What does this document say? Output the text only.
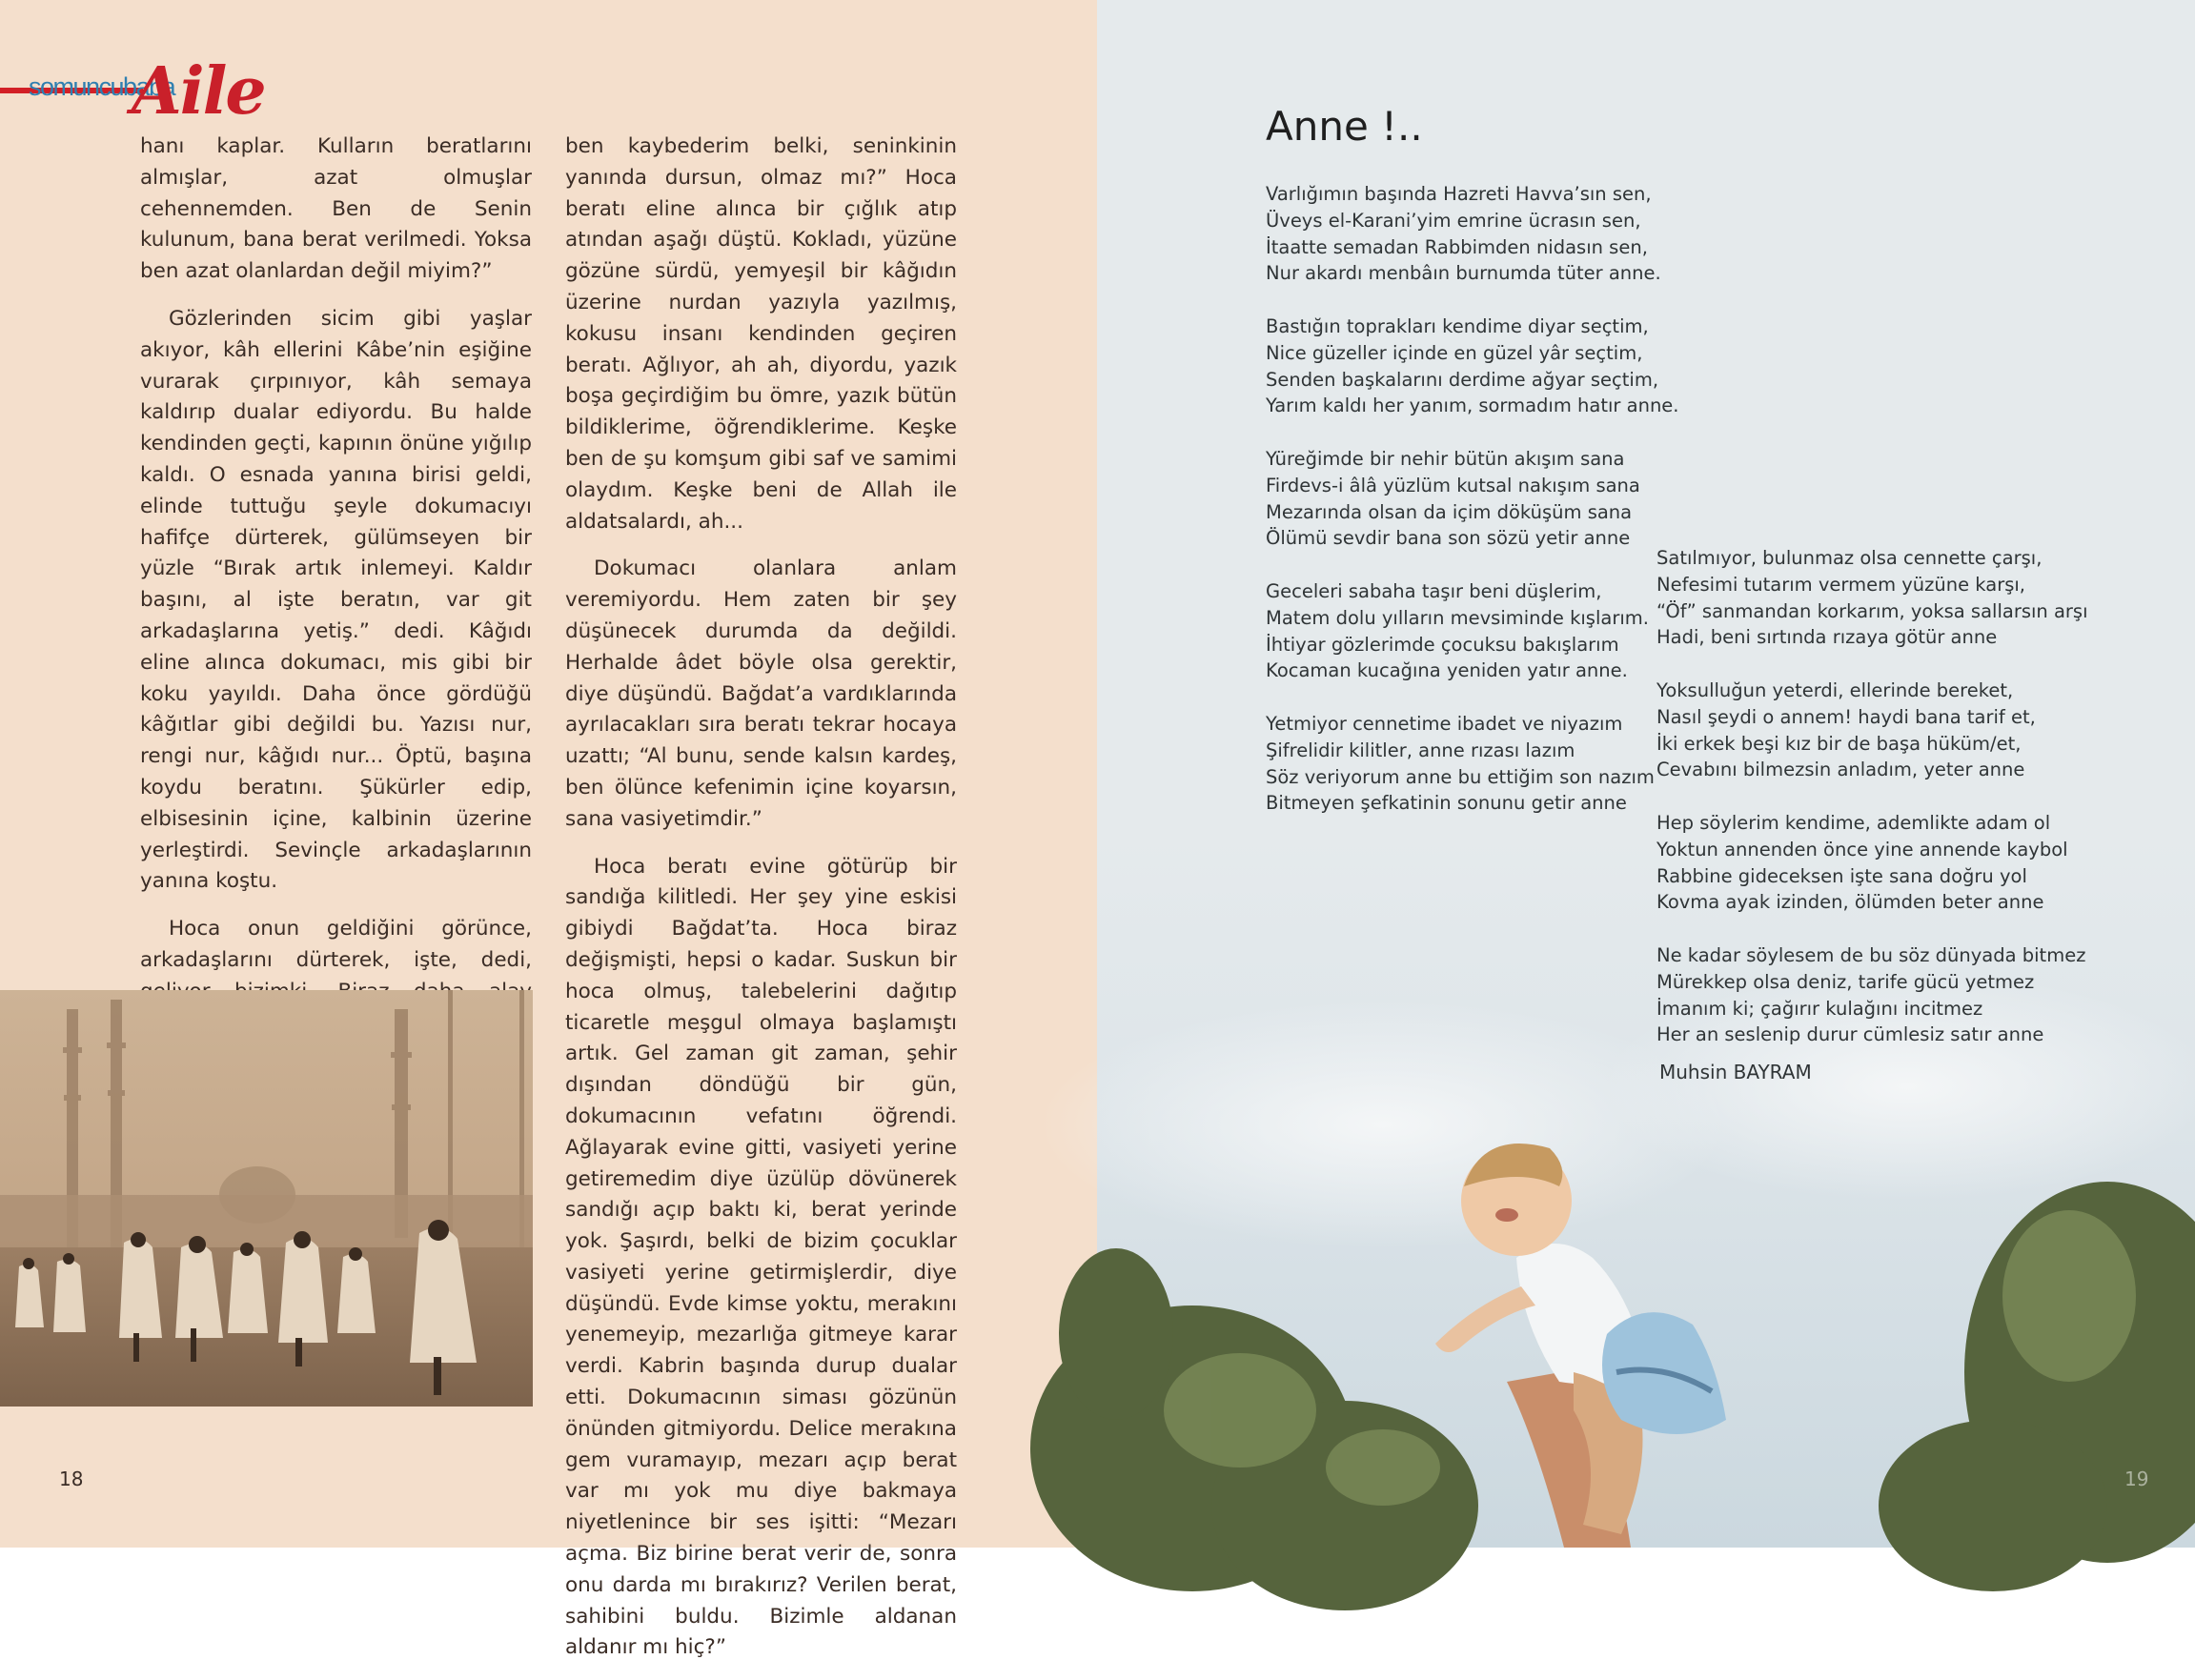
somuncubaba
Aile

hanı kaplar. Kulların beratlarını almışlar, azat olmuşlar cehennemden. Ben de Senin kulunum, bana berat verilmedi. Yoksa ben azat olanlardan değil miyim?”

Gözlerinden sicim gibi yaşlar akıyor, kâh ellerini Kâbe’nin eşiğine vurarak çırpınıyor, kâh semaya kaldırıp dualar ediyordu. Bu halde kendinden geçti, kapının önüne yığılıp kaldı. O esnada yanına birisi geldi, elinde tuttuğu şeyle dokumacıyı hafifçe dürterek, gülümseyen bir yüzle “Bırak artık inlemeyi. Kaldır başını, al işte beratın, var git arkadaşlarına yetiş.” dedi. Kâğıdı eline alınca dokumacı, mis gibi bir koku yayıldı. Daha önce gördüğü kâğıtlar gibi değildi bu. Yazısı nur, rengi nur, kâğıdı nur... Öptü, başına koydu beratını. Şükürler edip, elbisesinin içine, kalbinin üzerine yerleştirdi. Sevinçle arkadaşlarının yanına koştu.

Hoca onun geldiğini görünce, arkadaşlarını dürterek, işte, dedi,

ben kaybederim belki, seninkinin yanında dursun, olmaz mı?” Hoca beratı eline alınca bir çığlık atıp atından aşağı düştü. Kokladı, yüzüne gözüne sürdü, yemyeşil bir kâğıdın üzerine nurdan yazıyla yazılmış, kokusu insanı kendinden geçiren beratı. Ağlıyor, ah ah, diyordu, yazık boşa geçirdiğim bu ömre, yazık bütün bildiklerime, öğrendiklerime. Keşke ben de şu komşum gibi saf ve samimi olaydım. Keşke beni de Allah ile aldatsalardı, ah...

Dokumacı olanlara anlam veremiyordu. Hem zaten bir şey düşünecek durumda da değildi. Herhalde âdet böyle olsa gerektir, diye düşündü. Bağdat’a vardıklarında ayrılacakları sıra beratı tekrar hocaya uzattı; “Al bunu, sende kalsın kardeş, ben ölünce kefenimin içine koyarsın, sana vasiyetimdir.”

Hoca beratı evine götürüp bir sandığa kilitledi. Her şey yine eskisi gibiydi Bağdat’ta. Hoca biraz değişmişti, hepsi o kadar. Suskun bir hoca olmuş, talebelerini dağıtıp ticaretle meşgul olmaya başlamıştı artık. Gel zaman git zaman, şehir dışından döndüğü bir gün, dokumacının vefatını öğrendi. Ağlayarak evine gitti, vasiyeti yerine getiremedim diye üzülüp dövünerek sandığı açıp baktı ki, berat yerinde yok. Şaşırdı, belki de bizim çocuklar vasiyeti yerine getirmişlerdir, diye düşündü. Evde kimse yoktu, merakını yenemeyip, mezarlığa gitmeye karar verdi. Kabrin başında durup dualar etti. Dokumacının siması gözünün önünden gitmiyordu. Delice merakına gem vuramayıp, mezarı açıp berat var mı yok mu diye bakmaya niyetlenince bir ses işitti: “Mezarı açma. Biz birine berat verir de, sonra onu darda mı bırakırız? Verilen berat, sahibini buldu. Bizimle aldanan aldanır mı hiç?”

18
Anne !..
Varlığımın başında Hazreti Havva’sın sen,
Üveys el-Karani’yim emrine ücrasın sen,
İtaatte semadan Rabbimden nidasın sen,
Nur akardı menbâın burnumda tüter anne.
Bastığın toprakları kendime diyar seçtim,
Nice güzeller içinde en güzel yâr seçtim,
Senden başkalarını derdime ağyar seçtim,
Yarım kaldı her yanım, sormadım hatır anne.
Yüreğimde bir nehir bütün akışım sana
Firdevs-i âlâ yüzlüm kutsal nakışım sana
Mezarında olsan da içim döküşüm sana
Ölümü sevdir bana son sözü yetir anne
Geceleri sabaha taşır beni düşlerim,
Matem dolu yılların mevsiminde kışlarım.
İhtiyar gözlerimde çocuksu bakışlarım
Kocaman kucağına yeniden yatır anne.
Yetmiyor cennetime ibadet ve niyazım
Şifrelidir kilitler, anne rızası lazım
Söz veriyorum anne bu ettiğim son nazım
Bitmeyen şefkatinin sonunu getir anne
Satılmıyor, bulunmaz olsa cennette çarşı,
Nefesimi tutarım vermem yüzüne karşı,
“Öf” sanmandan korkarım, yoksa sallarsın arşı
Hadi, beni sırtında rızaya götür anne
Yoksulluğun yeterdi, ellerinde bereket,
Nasıl şeydi o annem! haydi bana tarif et,
İki erkek beşi kız bir de başa hüküm/et,
Cevabını bilmezsin anladım, yeter anne
Hep söylerim kendime, ademlikte adam ol
Yoktun annenden önce yine annende kaybol
Rabbine gideceksen işte sana doğru yol
Kovma ayak izinden, ölümden beter anne
Ne kadar söylesem de bu söz dünyada bitmez
Mürekkep olsa deniz, tarife gücü yetmez
İmanım ki; çağırır kulağını incitmez
Her an seslenip durur cümlesiz satır anne
Muhsin BAYRAM
19
